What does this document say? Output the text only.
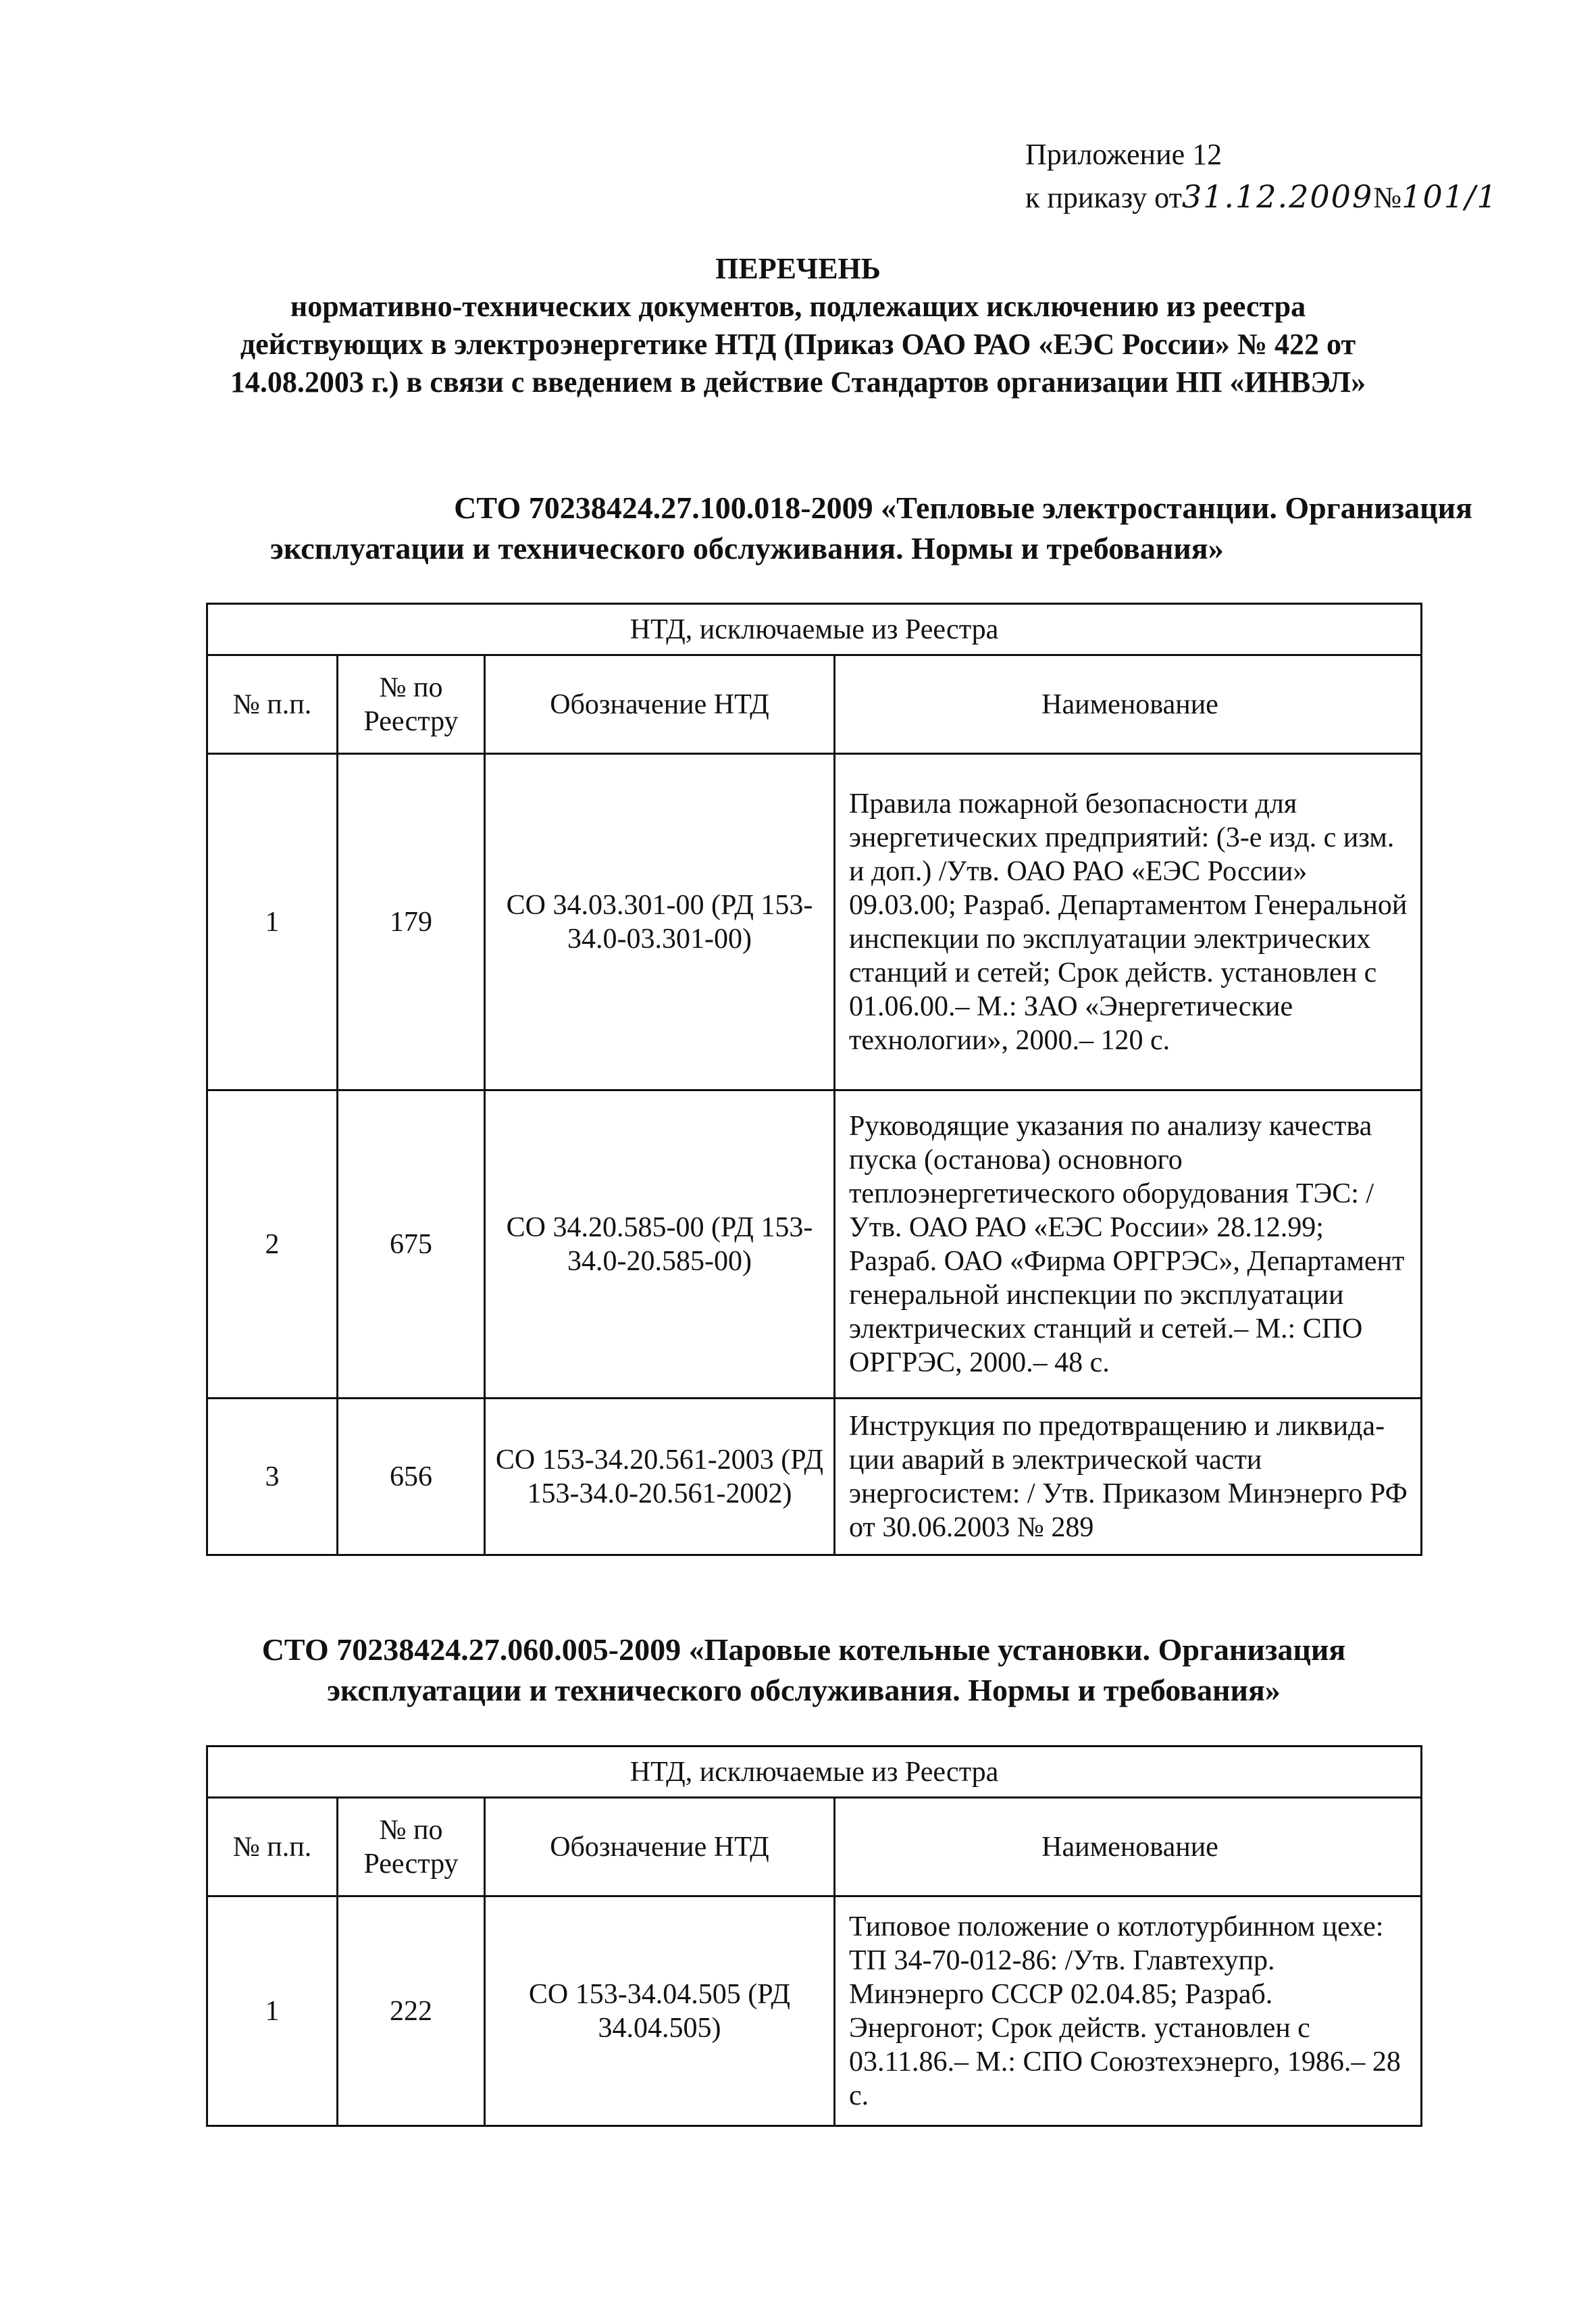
Приложение 12
к приказу от31.12.2009№101/1
ПЕРЕЧЕНЬ
нормативно-технических документов, подлежащих исключению из реестра
действующих в электроэнергетике НТД (Приказ ОАО РАО «ЕЭС России» № 422 от
14.08.2003 г.) в связи с введением в действие Стандартов организации НП «ИНВЭЛ»
СТО 70238424.27.100.018-2009 «Тепловые электростанции. Организация
эксплуатации и технического обслуживания. Нормы и требования»
НТД, исключаемые из Реестра			
№ п.п.	№ по Реестру	Обозначение НТД	Наименование
1	179	СО 34.03.301-00 (РД 153-34.0-03.301-00)	Правила пожарной безопасности для энергетических предприятий: (3-е изд. с изм. и доп.) /Утв. ОАО РАО «ЕЭС России» 09.03.00; Разраб. Департаментом Генеральной инспекции по эксплуатации электрических станций и сетей; Срок действ. установлен с 01.06.00.– М.: ЗАО «Энергетические технологии», 2000.– 120 с.
2	675	СО 34.20.585-00 (РД 153-34.0-20.585-00)	Руководящие указания по анализу качества пуска (останова) основного теплоэнергетического оборудования ТЭС: /Утв. ОАО РАО «ЕЭС России» 28.12.99; Разраб. ОАО «Фирма ОРГРЭС», Департамент генеральной инспекции по эксплуатации электрических станций и сетей.– М.: СПО ОРГРЭС, 2000.– 48 с.
3	656	СО 153-34.20.561-2003 (РД 153-34.0-20.561-2002)	Инструкция по предотвращению и ликвида-ции аварий в электрической части энергосистем: / Утв. Приказом Минэнерго РФ от 30.06.2003 № 289
СТО 70238424.27.060.005-2009 «Паровые котельные установки. Организация
эксплуатации и технического обслуживания. Нормы и требования»
НТД, исключаемые из Реестра			
№ п.п.	№ по Реестру	Обозначение НТД	Наименование
1	222	СО 153-34.04.505 (РД 34.04.505)	Типовое положение о котлотурбинном цехе: ТП 34-70-012-86: /Утв. Главтехупр. Минэнерго СССР 02.04.85; Разраб. Энергонот; Срок действ. установлен с 03.11.86.– М.: СПО Союзтехэнерго, 1986.– 28 с.
